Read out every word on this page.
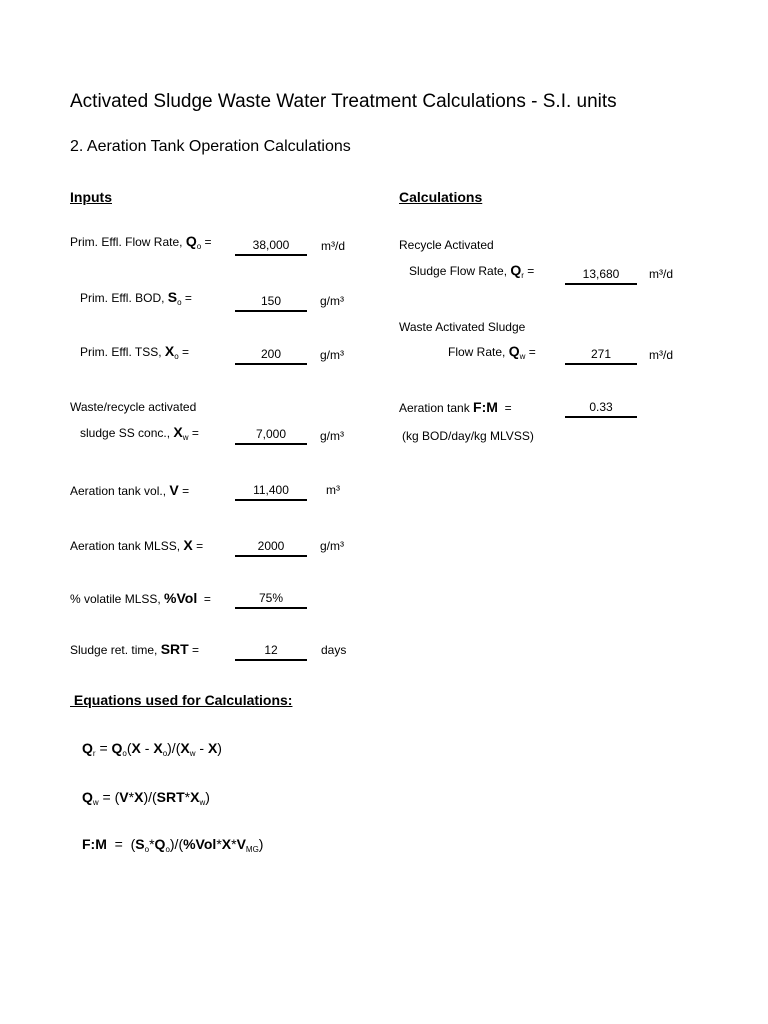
Activated Sludge Waste Water Treatment Calculations - S.I. units
2. Aeration Tank Operation Calculations
Inputs	Calculations
Prim. Effl. Flow Rate, $Q_o$ =	38,000	m³/d
Prim. Effl. BOD, $S_o$ =	150	g/m³
Prim. Effl. TSS, $X_o$ =	200	g/m³
Waste/recycle activated
sludge SS conc., $X_w$ =	7,000	g/m³
Aeration tank vol., V =	11,400	m³
Aeration tank MLSS, X =	2000	g/m³
% volatile MLSS, %Vol  =	75%
Sludge ret. time, SRT =	12	days
Recycle Activated
Sludge Flow Rate, $Q_r$ =	13,680	m³/d
Waste Activated Sludge
Flow Rate, $Q_w$ =	271	m³/d
Aeration tank F:M  =	0.33
(kg BOD/day/kg MLVSS)
Equations used for Calculations:
$Q_r = Q_o(X - X_o)/(X_w - X)$
$Q_w = (V*X)/(SRT*X_w)$
F:M  =  $(S_o*Q_o)/(\%Vol*X*V_{MG})$
